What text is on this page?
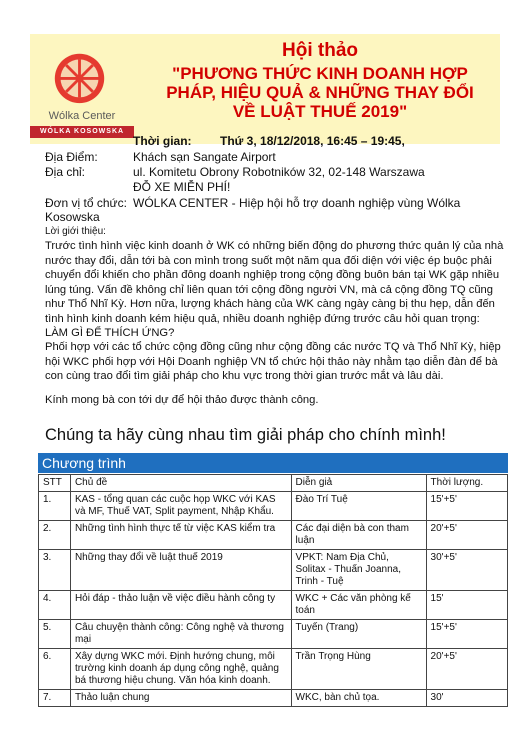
Wólka Center
WÓLKA KOSOWSKA
Hội thảo
"PHƯƠNG THỨC KINH DOANH HỢP
PHÁP, HIỆU QUẢ & NHỮNG THAY ĐỔI
VỀ LUẬT THUẾ 2019"
Thời gian: Thứ 3, 18/12/2018, 16:45 – 19:45,
Địa Điểm:	Khách sạn Sangate Airport
Địa chỉ:	ul. Komitetu Obrony Robotników 32, 02-148 Warszawa
ĐỖ XE MIỄN PHÍ!
Đơn vị tổ chức: WÓLKA CENTER - Hiệp hội hỗ trợ doanh nghiệp vùng Wólka
Kosowska
Lời giới thiệu:
Trước tình hình việc kinh doanh ở WK có những biến động do phương thức quản lý của nhà nước thay đổi, dẫn tới bà con mình trong suốt một năm qua đối diện với việc ép buộc phải chuyển đổi khiến cho phần đông doanh nghiệp trong cộng đồng buôn bán tại WK gặp nhiều lúng túng. Vấn đề không chỉ liên quan tới cộng đồng người VN, mà cả cộng đồng TQ cũng như Thổ Nhĩ Kỳ. Hơn nữa, lượng khách hàng của WK càng ngày càng bị thu hẹp, dẫn đến tình hình kinh doanh kém hiệu quả, nhiều doanh nghiệp đứng trước câu hỏi quan trọng: LÀM GÌ ĐỂ THÍCH ỨNG?
Phối hợp với các tổ chức cộng đồng cũng như cộng đồng các nước TQ và Thổ Nhĩ Kỳ, hiệp hội WKC phối hợp với Hội Doanh nghiệp VN tổ chức hội thảo này nhằm tạo diễn đàn để bà con cùng trao đổi tìm giải pháp cho khu vực trong thời gian trước mắt và lâu dài.
Kính mong bà con tới dự để hội thảo được thành công.
Chúng ta hãy cùng nhau tìm giải pháp cho chính mình!
Chương trình
STT	Chủ đề	Diễn giả	Thời lượng.
1.	KAS - tổng quan các cuộc họp WKC với KAS và MF, Thuế VAT, Split payment, Nhập Khẩu.	Đào Trí Tuệ	15'+5'
2.	Những tình hình thực tế từ việc KAS kiểm tra	Các đại diện bà con tham luận	20'+5'
3.	Những thay đổi về luật thuế 2019	VPKT: Nam Địa Chủ, Solitax - Thuấn Joanna, Trinh - Tuệ	30'+5'
4.	Hỏi đáp - thảo luận về việc điều hành công ty	WKC + Các văn phòng kế toán	15'
5.	Câu chuyện thành công: Công nghệ và thương mại	Tuyến (Trang)	15'+5'
6.	Xây dựng WKC mới. Định hướng chung, môi trường kinh doanh áp dụng công nghệ, quảng bá thương hiệu chung. Văn hóa kinh doanh.	Trần Trọng Hùng	20'+5'
7.	Thảo luận chung	WKC, bàn chủ tọa.	30'
